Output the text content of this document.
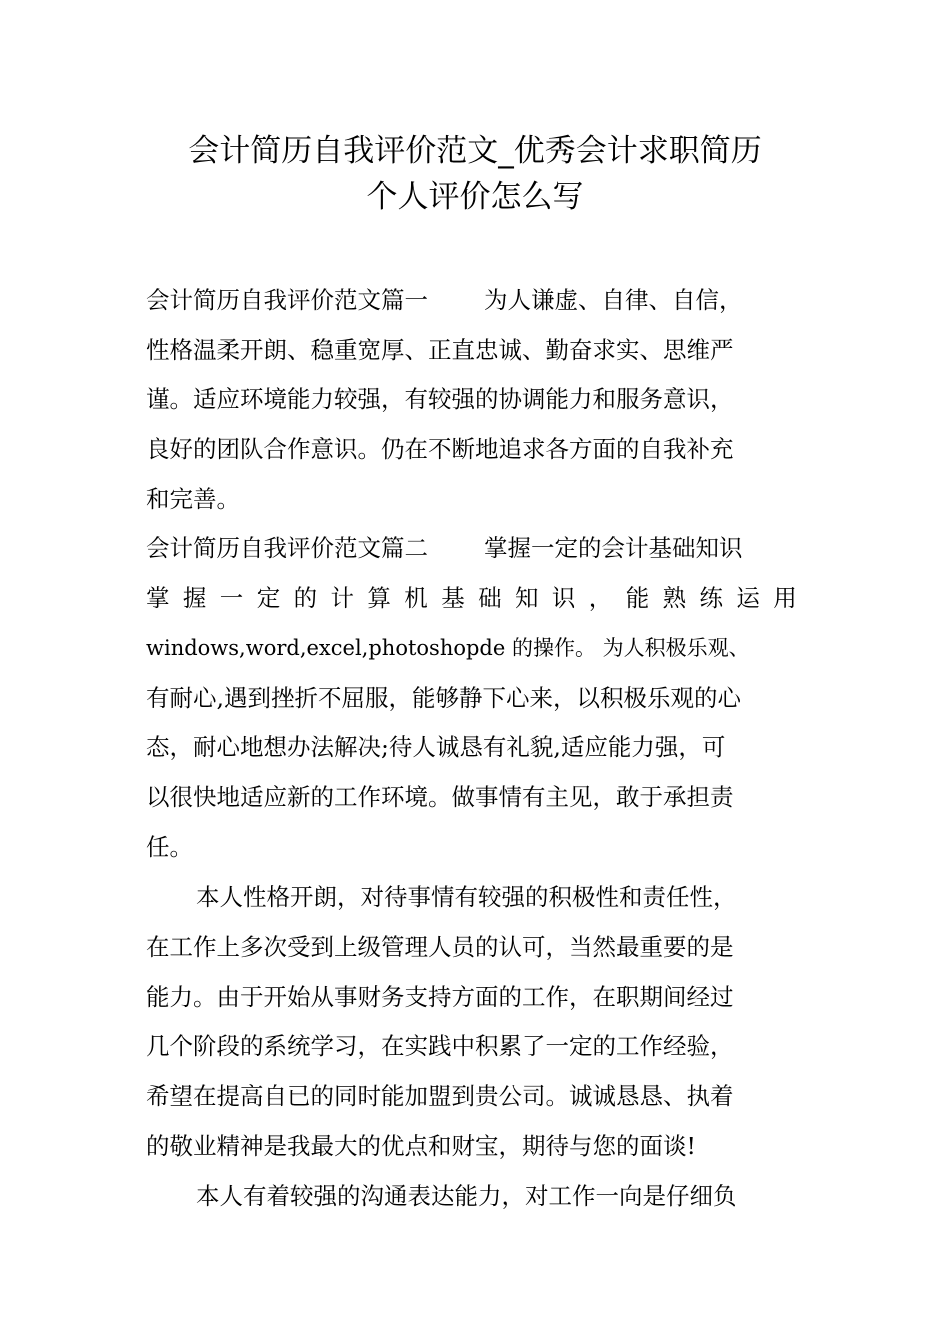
会计简历自我评价范文_优秀会计求职简历
个人评价怎么写
会计简历自我评价范文篇一 为人谦虚、自律、自信，
性格温柔开朗、稳重宽厚、正直忠诚、勤奋求实、思维严
谨。适应环境能力较强，有较强的协调能力和服务意识，
良好的团队合作意识。仍在不断地追求各方面的自我补充
和完善。
会计简历自我评价范文篇二 掌握一定的会计基础知识
掌握一定的计算机基础知识，能熟练运用
windows,word,excel,photoshopde 的操作。 为人积极乐观、
有耐心,遇到挫折不屈服，能够静下心来，以积极乐观的心
态，耐心地想办法解决;待人诚恳有礼貌,适应能力强，可
以很快地适应新的工作环境。做事情有主见，敢于承担责
任。
本人性格开朗，对待事情有较强的积极性和责任性，
在工作上多次受到上级管理人员的认可，当然最重要的是
能力。由于开始从事财务支持方面的工作，在职期间经过
几个阶段的系统学习，在实践中积累了一定的工作经验，
希望在提高自已的同时能加盟到贵公司。诚诚恳恳、执着
的敬业精神是我最大的优点和财宝，期待与您的面谈!
本人有着较强的沟通表达能力，对工作一向是仔细负
